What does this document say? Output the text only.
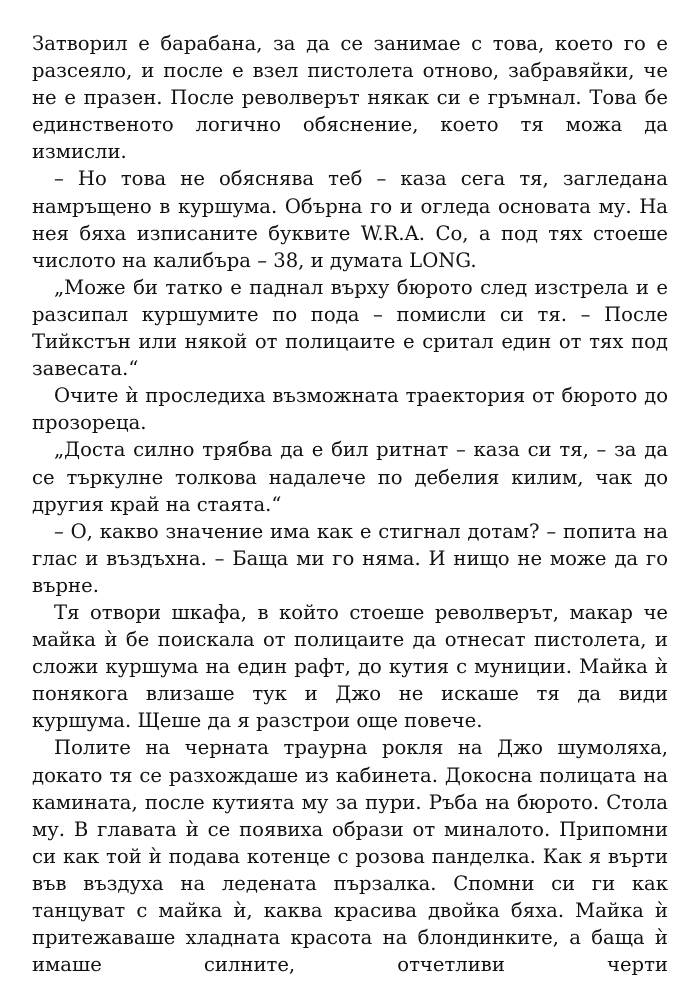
Затворил е барабана, за да се занимае с това, което го е разсеяло, и после е взел пистолета отново, забравяйки, че не е празен. После револверът някак си е гръмнал. Това бе единственото логично обяснение, което тя можа да измисли.

– Но това не обяснява теб – каза сега тя, загледана намръщено в куршума. Обърна го и огледа основата му. На нея бяха изписаните буквите W.R.A. Co, а под тях стоеше числото на калибъра – 38, и думата LONG.

„Може би татко е паднал върху бюрото след изстрела и е разсипал куршумите по пода – помисли си тя. – После Тийкстън или някой от полицаите е сритал един от тях под завесата.“

Очите ѝ проследиха възможната траектория от бюрото до прозореца.

„Доста силно трябва да е бил ритнат – каза си тя, – за да се търкулне толкова надалече по дебелия килим, чак до другия край на стаята.“

– О, какво значение има как е стигнал дотам? – попита на глас и въздъхна. – Баща ми го няма. И нищо не може да го върне.

Тя отвори шкафа, в който стоеше револверът, макар че майка ѝ бе поискала от полицаите да отнесат пистолета, и сложи куршума на един рафт, до кутия с муниции. Майка ѝ понякога влизаше тук и Джо не искаше тя да види куршума. Щеше да я разстрои още повече.

Полите на черната траурна рокля на Джо шумоляха, докато тя се разхождаше из кабинета. Докосна полицата на камината, после кутията му за пури. Ръба на бюрото. Стола му. В главата ѝ се появиха образи от миналото. Припомни си как той ѝ подава котенце с розова панделка. Как я върти във въздуха на ледената пързалка. Спомни си ги как танцуват с майка ѝ, каква красива двойка бяха. Майка ѝ притежаваше хладната красота на блондинките, а баща ѝ имаше силните, отчетливи черти
